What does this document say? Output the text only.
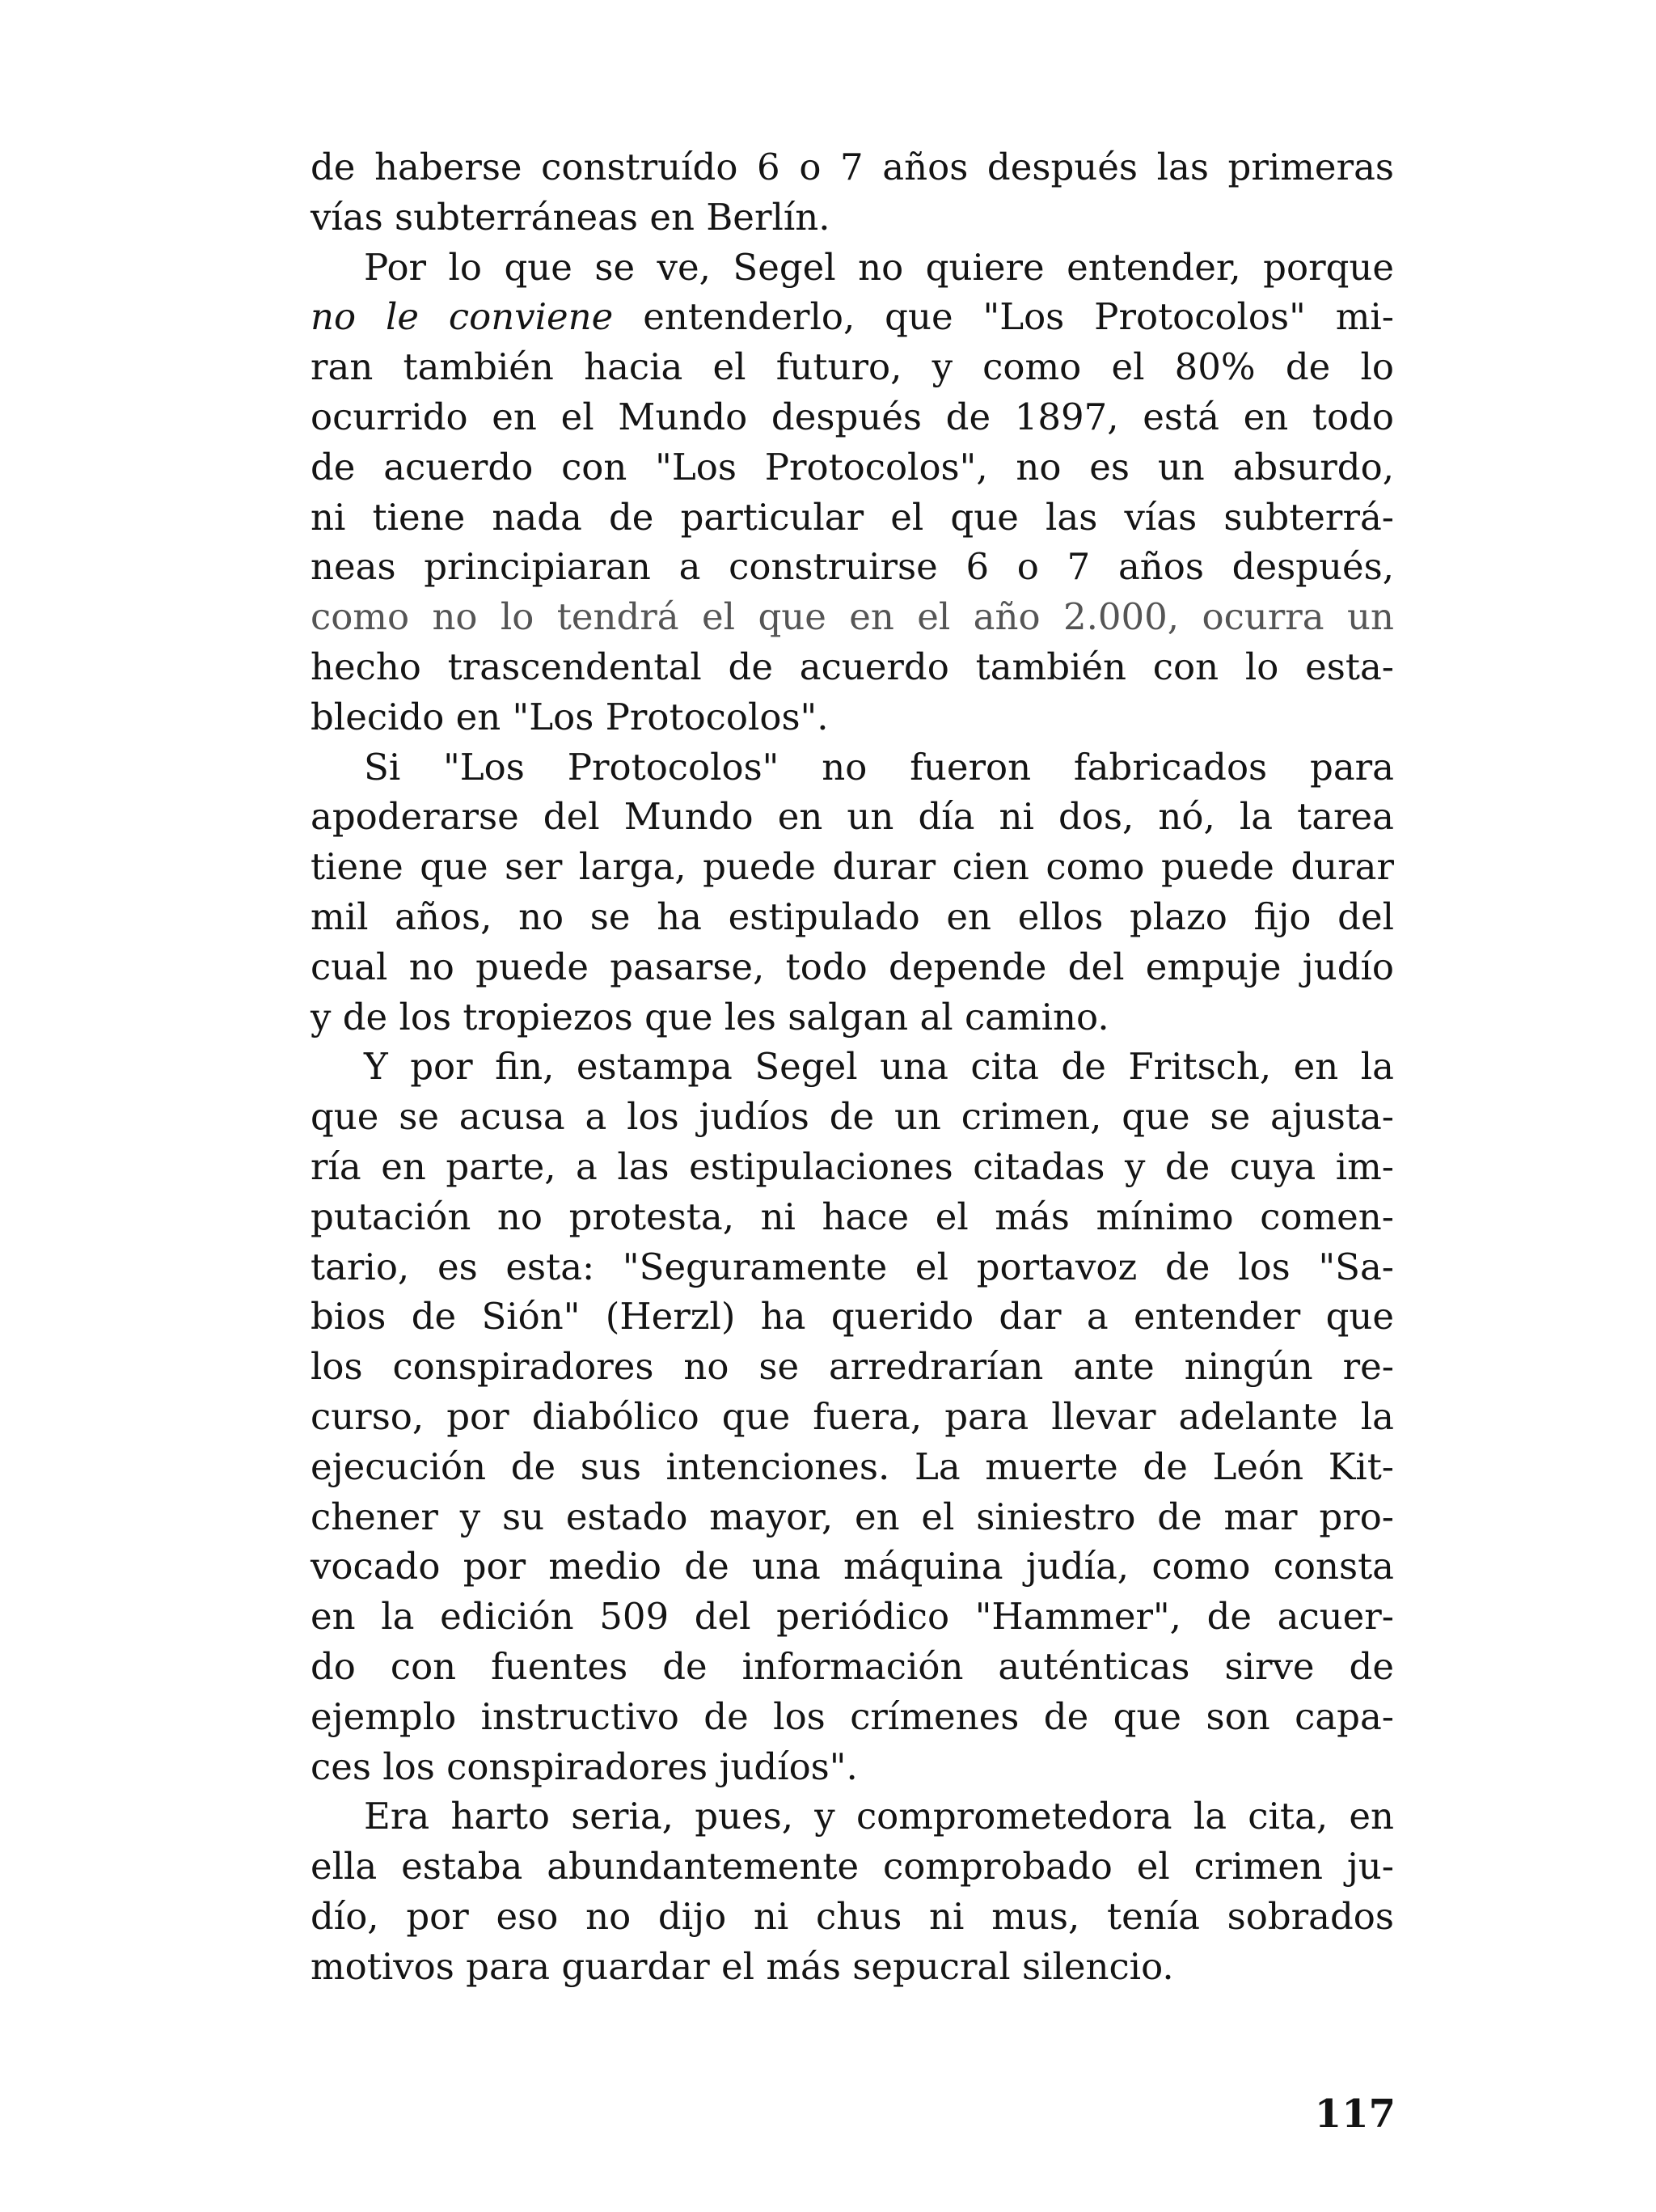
de haberse construído 6 o 7 años después las primeras
vías subterráneas en Berlín.
Por lo que se ve, Segel no quiere entender, porque
no le conviene entenderlo, que "Los Protocolos" mi-
ran también hacia el futuro, y como el 80% de lo
ocurrido en el Mundo después de 1897, está en todo
de acuerdo con "Los Protocolos", no es un absurdo,
ni tiene nada de particular el que las vías subterrá-
neas principiaran a construirse 6 o 7 años después,
como no lo tendrá el que en el año 2.000, ocurra un
hecho trascendental de acuerdo también con lo esta-
blecido en "Los Protocolos".
Si "Los Protocolos" no fueron fabricados para
apoderarse del Mundo en un día ni dos, nó, la tarea
tiene que ser larga, puede durar cien como puede durar
mil años, no se ha estipulado en ellos plazo fijo del
cual no puede pasarse, todo depende del empuje judío
y de los tropiezos que les salgan al camino.
Y por fin, estampa Segel una cita de Fritsch, en la
que se acusa a los judíos de un crimen, que se ajusta-
ría en parte, a las estipulaciones citadas y de cuya im-
putación no protesta, ni hace el más mínimo comen-
tario, es esta: "Seguramente el portavoz de los "Sa-
bios de Sión" (Herzl) ha querido dar a entender que
los conspiradores no se arredrarían ante ningún re-
curso, por diabólico que fuera, para llevar adelante la
ejecución de sus intenciones. La muerte de León Kit-
chener y su estado mayor, en el siniestro de mar pro-
vocado por medio de una máquina judía, como consta
en la edición 509 del periódico "Hammer", de acuer-
do con fuentes de información auténticas sirve de
ejemplo instructivo de los crímenes de que son capa-
ces los conspiradores judíos".
Era harto seria, pues, y comprometedora la cita, en
ella estaba abundantemente comprobado el crimen ju-
dío, por eso no dijo ni chus ni mus, tenía sobrados
motivos para guardar el más sepucral silencio.
117
